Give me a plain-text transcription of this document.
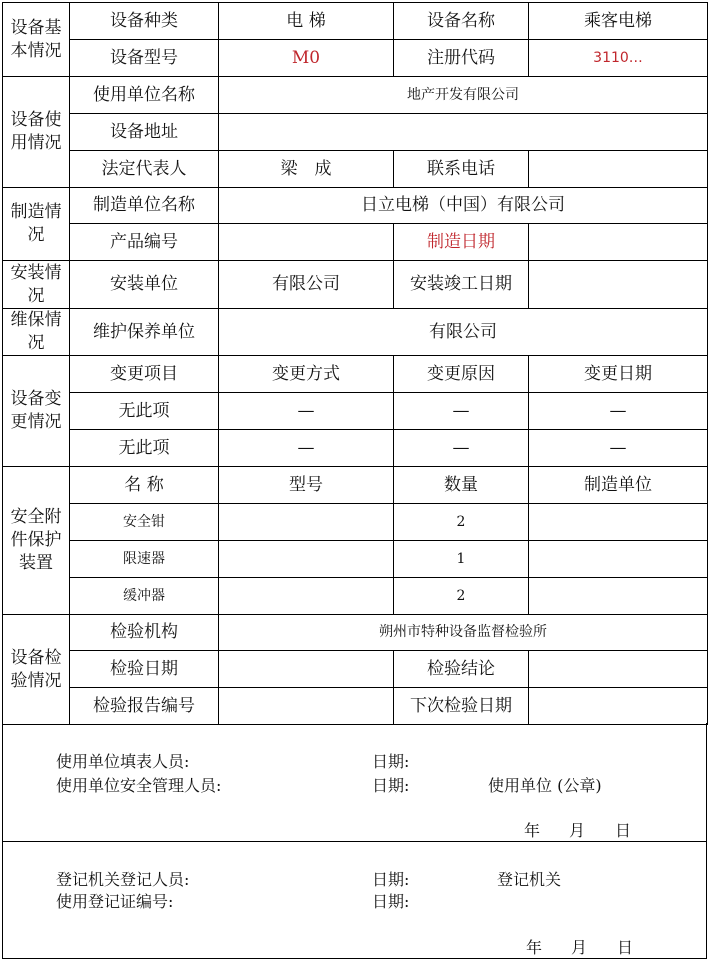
设备基本情况	设备种类	电 梯	设备名称	乘客电梯
	设备型号	M0	注册代码	3110…
设备使用情况	使用单位名称	地产开发有限公司		
	设备地址			
	法定代表人	梁　成	联系电话	
制造情况	制造单位名称	日立电梯（中国）有限公司		
	产品编号		制造日期	
安装情况	安装单位	有限公司	安装竣工日期	
维保情况	维护保养单位	有限公司		
设备变更情况	变更项目	变更方式	变更原因	变更日期
	无此项	—	—	—
	无此项	—	—	—
安全附件保护装置	名 称	型号	数量	制造单位
	安全钳		2	
	限速器		1	
	缓冲器		2	
设备检验情况	检验机构	朔州市特种设备监督检验所		
	检验日期		检验结论	
	检验报告编号		下次检验日期	
使用单位填表人员:
使用单位安全管理人员:
日期:
日期:	使用单位 (公章)
年 月 日
登记机关登记人员:
使用登记证编号:
日期:
日期:
登记机关
年 月 日
